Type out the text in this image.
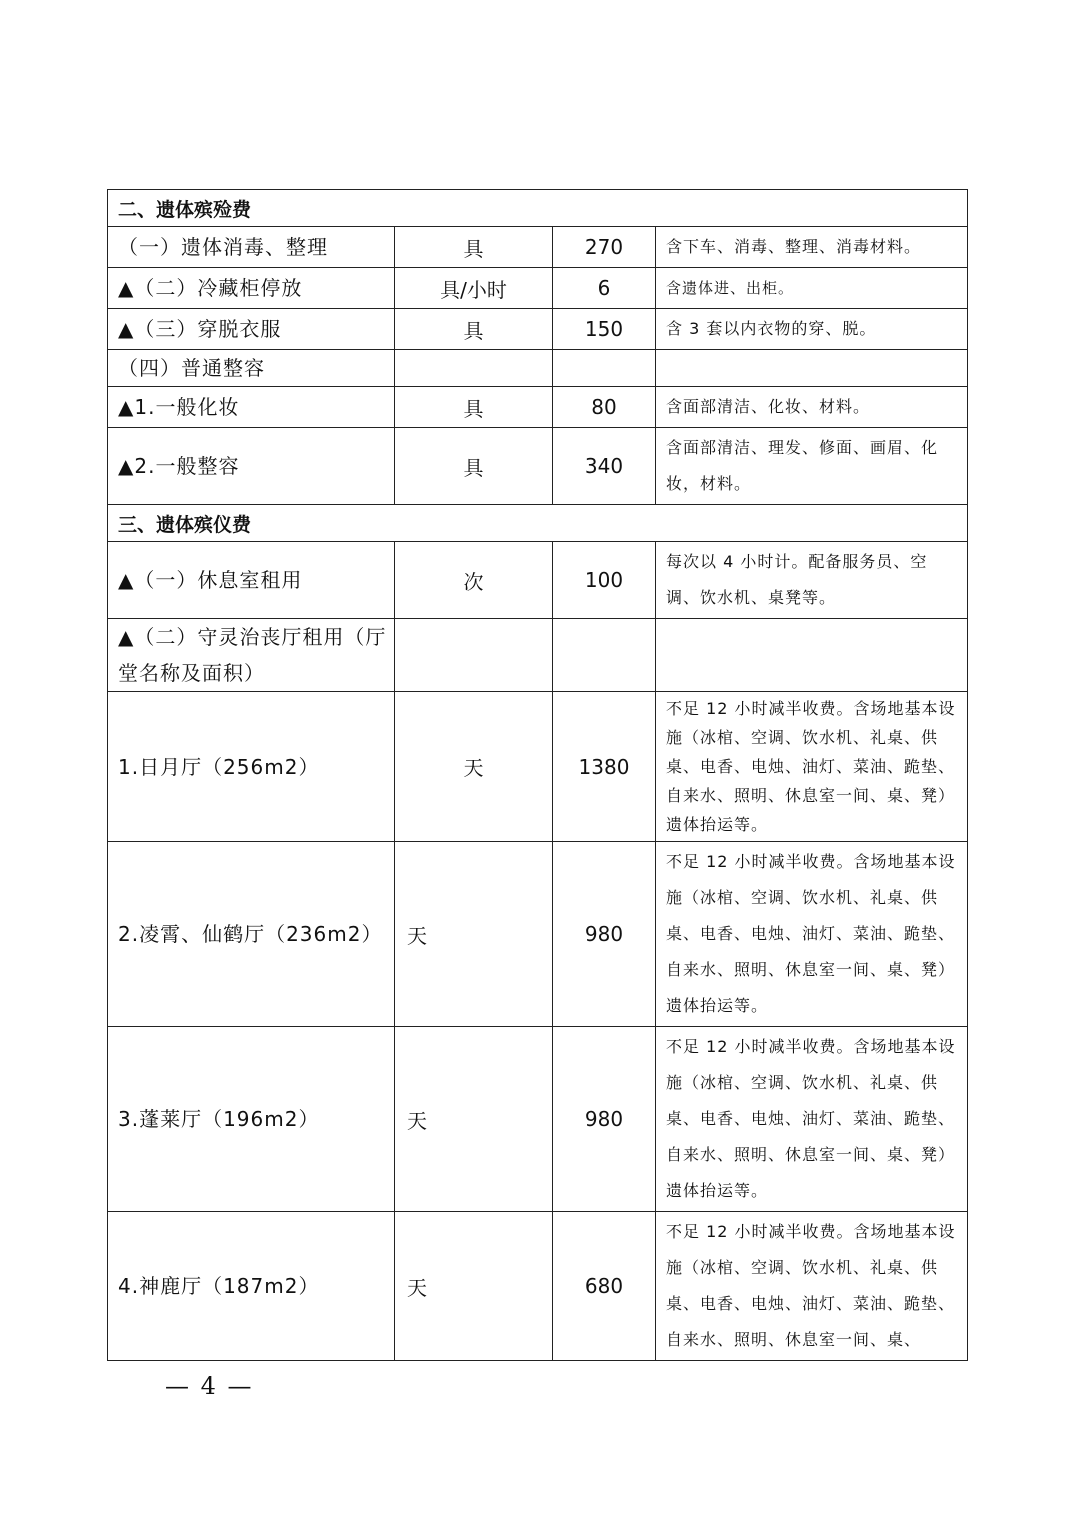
二、遗体殡殓费			
（一）遗体消毒、整理	具	270	含下车、消毒、整理、消毒材料。
▲（二）冷藏柜停放	具/小时	6	含遗体进、出柜。
▲（三）穿脱衣服	具	150	含 3 套以内衣物的穿、脱。
（四）普通整容			
▲1.一般化妆	具	80	含面部清洁、化妆、材料。
▲2.一般整容	具	340	含面部清洁、理发、修面、画眉、化妆，材料。
三、遗体殡仪费			
▲（一）休息室租用	次	100	每次以 4 小时计。配备服务员、空调、饮水机、桌凳等。
▲（二）守灵治丧厅租用（厅堂名称及面积）			
1.日月厅（256m2）	天	1380	不足 12 小时减半收费。含场地基本设施（冰棺、空调、饮水机、礼桌、供桌、电香、电烛、油灯、菜油、跪垫、自来水、照明、休息室一间、桌、凳）遗体抬运等。
2.凌霄、仙鹤厅（236m2）	天	980	不足 12 小时减半收费。含场地基本设施（冰棺、空调、饮水机、礼桌、供桌、电香、电烛、油灯、菜油、跪垫、自来水、照明、休息室一间、桌、凳）遗体抬运等。
3.蓬莱厅（196m2）	天	980	不足 12 小时减半收费。含场地基本设施（冰棺、空调、饮水机、礼桌、供桌、电香、电烛、油灯、菜油、跪垫、自来水、照明、休息室一间、桌、凳）遗体抬运等。
4.神鹿厅（187m2）	天	680	不足 12 小时减半收费。含场地基本设施（冰棺、空调、饮水机、礼桌、供桌、电香、电烛、油灯、菜油、跪垫、自来水、照明、休息室一间、桌、
— 4 —
